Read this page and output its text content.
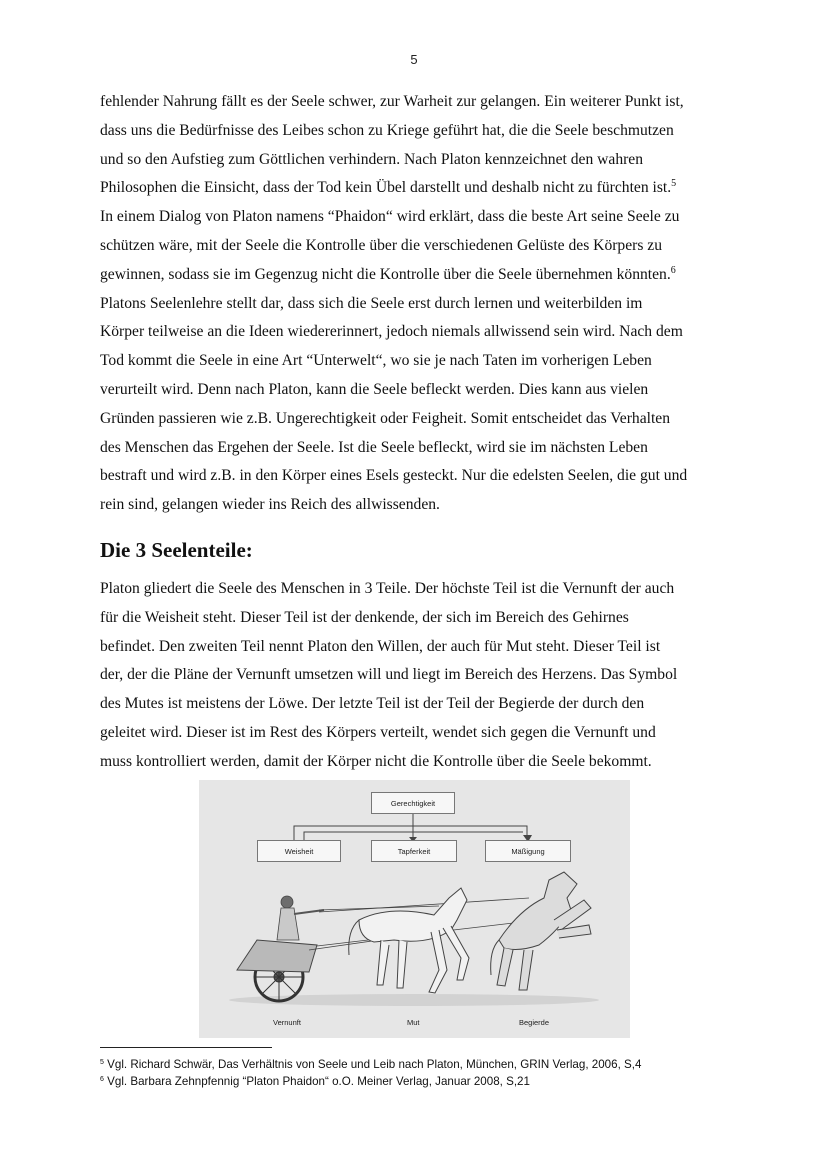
5
fehlender Nahrung fällt es der Seele schwer, zur Warheit zur gelangen. Ein weiterer Punkt ist,
dass uns die Bedürfnisse des Leibes schon zu Kriege geführt hat, die die Seele beschmutzen
und so den Aufstieg zum Göttlichen verhindern. Nach Platon kennzeichnet den wahren
Philosophen die Einsicht, dass der Tod kein Übel darstellt und deshalb nicht zu fürchten ist.$^5$
In einem Dialog von Platon namens “Phaidon“ wird erklärt, dass die beste Art seine Seele zu
schützen wäre, mit der Seele die Kontrolle über die verschiedenen Gelüste des Körpers zu
gewinnen, sodass sie im Gegenzug nicht die Kontrolle über die Seele übernehmen könnten.$^6$
Platons Seelenlehre stellt dar, dass sich die Seele erst durch lernen und weiterbilden im
Körper teilweise an die Ideen wiedererinnert, jedoch niemals allwissend sein wird. Nach dem
Tod kommt die Seele in eine Art “Unterwelt“, wo sie je nach Taten im vorherigen Leben
verurteilt wird. Denn nach Platon, kann die Seele befleckt werden. Dies kann aus vielen
Gründen passieren wie z.B. Ungerechtigkeit oder Feigheit. Somit entscheidet das Verhalten
des Menschen das Ergehen der Seele. Ist die Seele befleckt, wird sie im nächsten Leben
bestraft und wird z.B. in den Körper eines Esels gesteckt. Nur die edelsten Seelen, die gut und
rein sind, gelangen wieder ins Reich des allwissenden.
Die 3 Seelenteile:
Platon gliedert die Seele des Menschen in 3 Teile. Der höchste Teil ist die Vernunft der auch
für die Weisheit steht. Dieser Teil ist der denkende, der sich im Bereich des Gehirnes
befindet. Den zweiten Teil nennt Platon den Willen, der auch für Mut steht. Dieser Teil ist
der, der die Pläne der Vernunft umsetzen will und liegt im Bereich des Herzens. Das Symbol
des Mutes ist meistens der Löwe. Der letzte Teil ist der Teil der Begierde der durch den
geleitet wird. Dieser ist im Rest des Körpers verteilt, wendet sich gegen die Vernunft und
muss kontrolliert werden, damit der Körper nicht die Kontrolle über die Seele bekommt.
Gerechtigkeit
Weisheit	Tapferkeit	Mäßigung
Vernunft	Mut	Begierde
$^5$ Vgl. Richard Schwär, Das Verhältnis von Seele und Leib nach Platon, München, GRIN Verlag, 2006, S,4
$^6$ Vgl. Barbara Zehnpfennig “Platon Phaidon“ o.O. Meiner Verlag, Januar 2008, S,21
